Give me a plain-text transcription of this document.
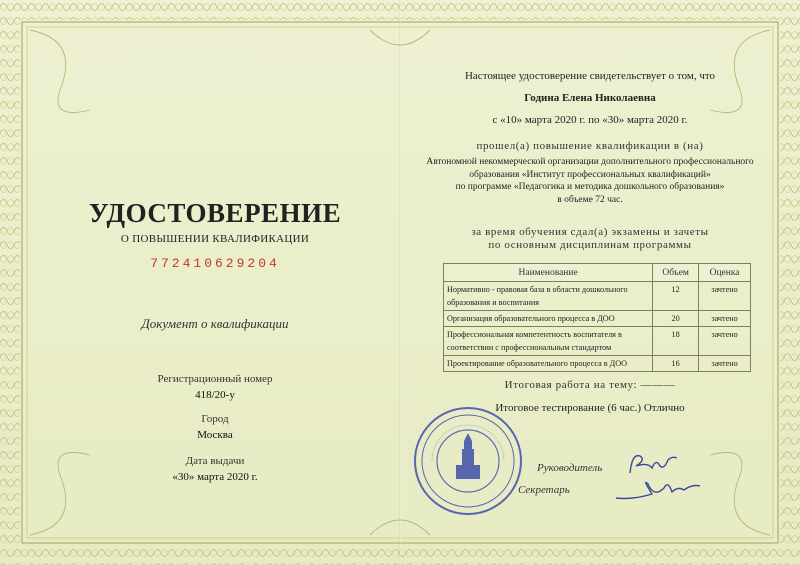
УДОСТОВЕРЕНИЕ
О ПОВЫШЕНИИ КВАЛИФИКАЦИИ
772410629204
Документ о квалификации
Регистрационный номер
418/20-у
Город
Москва
Дата выдачи
«30» марта 2020 г.
Настоящее удостоверение свидетельствует о том, что
Година Елена Николаевна
с «10» марта 2020 г. по «30» марта 2020 г.
прошел(а) повышение квалификации в (на)
Автономной некоммерческой организации дополнительного профессионального
образования «Институт профессиональных квалификаций»
по программе «Педагогика и методика дошкольного образования»
в объеме 72 час.
за время обучения сдал(а) экзамены и зачеты
по основным дисциплинам программы
Наименование	Объем	Оценка
Нормативно - правовая база в области дошкольного образования и воспитания	12	зачтено
Организация образовательного процесса в ДОО	20	зачтено
Профессиональная компетентность воспитателя в соответствии с профессиональным стандартом	18	зачтено
Проектирование образовательного процесса в ДОО	16	зачтено
Итоговая работа на тему: ———
Итоговое тестирование (6 час.) Отлично
Руководитель
Секретарь
